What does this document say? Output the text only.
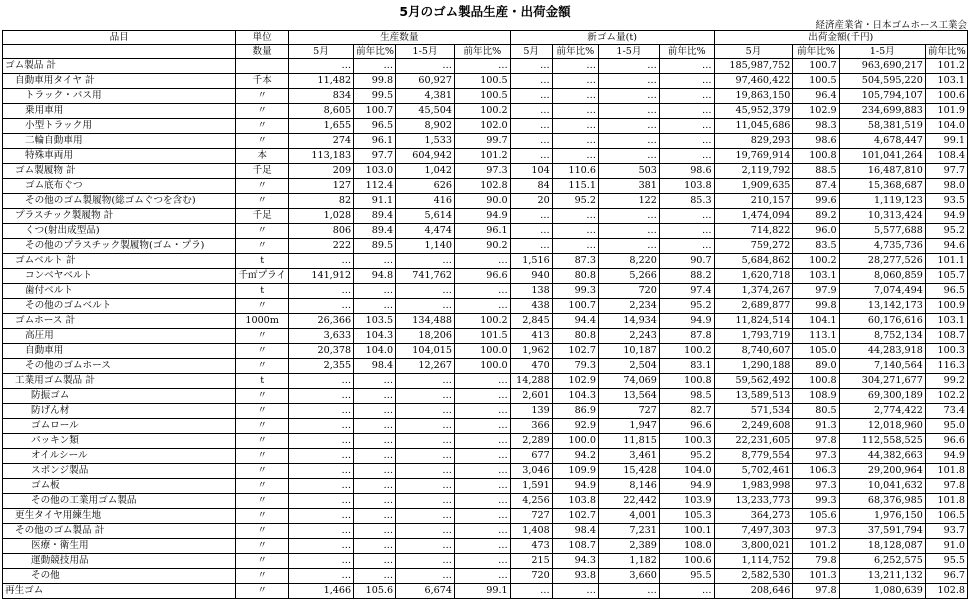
5月のゴム製品生産・出荷金額
経済産業省・日本ゴムホース工業会
品目	単位	生産数量				新ゴム量(t)				出荷金額(千円)			
	数量	5月	前年比%	1-5月	前年比%	5月	前年比%	1-5月	前年比%	5月	前年比%	1-5月	前年比%
ゴム製品 計		…	…	…	…	…	…	…	…	185,987,752	100.7	963,690,217	101.2
自動車用タイヤ 計	千本	11,482	99.8	60,927	100.5	…	…	…	…	97,460,422	100.5	504,595,220	103.1
トラック・バス用	〃	834	99.5	4,381	100.5	…	…	…	…	19,863,150	96.4	105,794,107	100.6
乗用車用	〃	8,605	100.7	45,504	100.2	…	…	…	…	45,952,379	102.9	234,699,883	101.9
小型トラック用	〃	1,655	96.5	8,902	102.0	…	…	…	…	11,045,686	98.3	58,381,519	104.0
二輪自動車用	〃	274	96.1	1,533	99.7	…	…	…	…	829,293	98.6	4,678,447	99.1
特殊車両用	本	113,183	97.7	604,942	101.2	…	…	…	…	19,769,914	100.8	101,041,264	108.4
ゴム製履物 計	千足	209	103.0	1,042	97.3	104	110.6	503	98.6	2,119,792	88.5	16,487,810	97.7
ゴム底布ぐつ	〃	127	112.4	626	102.8	84	115.1	381	103.8	1,909,635	87.4	15,368,687	98.0
その他のゴム製履物(総ゴムぐつを含む)	〃	82	91.1	416	90.0	20	95.2	122	85.3	210,157	99.6	1,119,123	93.5
プラスチック製履物 計	千足	1,028	89.4	5,614	94.9	…	…	…	…	1,474,094	89.2	10,313,424	94.9
くつ(射出成型品)	〃	806	89.4	4,474	96.1	…	…	…	…	714,822	96.0	5,577,688	95.2
その他のプラスチック製履物(ゴム・プラ)	〃	222	89.5	1,140	90.2	…	…	…	…	759,272	83.5	4,735,736	94.6
ゴムベルト 計	t	…	…	…	…	1,516	87.3	8,220	90.7	5,684,862	100.2	28,277,526	101.1
コンベヤベルト	千㎡プライ	141,912	94.8	741,762	96.6	940	80.8	5,266	88.2	1,620,718	103.1	8,060,859	105.7
歯付ベルト	t	…	…	…	…	138	99.3	720	97.4	1,374,267	97.9	7,074,494	96.5
その他のゴムベルト	〃	…	…	…	…	438	100.7	2,234	95.2	2,689,877	99.8	13,142,173	100.9
ゴムホース 計	1000m	26,366	103.5	134,488	100.2	2,845	94.4	14,934	94.9	11,824,514	104.1	60,176,616	103.1
高圧用	〃	3,633	104.3	18,206	101.5	413	80.8	2,243	87.8	1,793,719	113.1	8,752,134	108.7
自動車用	〃	20,378	104.0	104,015	100.0	1,962	102.7	10,187	100.2	8,740,607	105.0	44,283,918	100.3
その他のゴムホース	〃	2,355	98.4	12,267	100.0	470	79.3	2,504	83.1	1,290,188	89.0	7,140,564	116.3
工業用ゴム製品 計	t	…	…	…	…	14,288	102.9	74,069	100.8	59,562,492	100.8	304,271,677	99.2
防振ゴム	〃	…	…	…	…	2,601	104.3	13,564	98.5	13,589,513	108.9	69,300,189	102.2
防げん材	〃	…	…	…	…	139	86.9	727	82.7	571,534	80.5	2,774,422	73.4
ゴムロール	〃	…	…	…	…	366	92.9	1,947	96.6	2,249,608	91.3	12,018,960	95.0
パッキン類	〃	…	…	…	…	2,289	100.0	11,815	100.3	22,231,605	97.8	112,558,525	96.6
オイルシール	〃	…	…	…	…	677	94.2	3,461	95.2	8,779,554	97.3	44,382,663	94.9
スポンジ製品	〃	…	…	…	…	3,046	109.9	15,428	104.0	5,702,461	106.3	29,200,964	101.8
ゴム板	〃	…	…	…	…	1,591	94.9	8,146	94.9	1,983,998	97.3	10,041,632	97.8
その他の工業用ゴム製品	〃	…	…	…	…	4,256	103.8	22,442	103.9	13,233,773	99.3	68,376,985	101.8
更生タイヤ用練生地	〃	…	…	…	…	727	102.7	4,001	105.3	364,273	105.6	1,976,150	106.5
その他のゴム製品 計	〃	…	…	…	…	1,408	98.4	7,231	100.1	7,497,303	97.3	37,591,794	93.7
医療・衛生用	〃	…	…	…	…	473	108.7	2,389	108.0	3,800,021	101.2	18,128,087	91.0
運動競技用品	〃	…	…	…	…	215	94.3	1,182	100.6	1,114,752	79.8	6,252,575	95.5
その他	〃	…	…	…	…	720	93.8	3,660	95.5	2,582,530	101.3	13,211,132	96.7
再生ゴム	〃	1,466	105.6	6,674	99.1	…	…	…	…	208,646	97.8	1,080,639	102.8
